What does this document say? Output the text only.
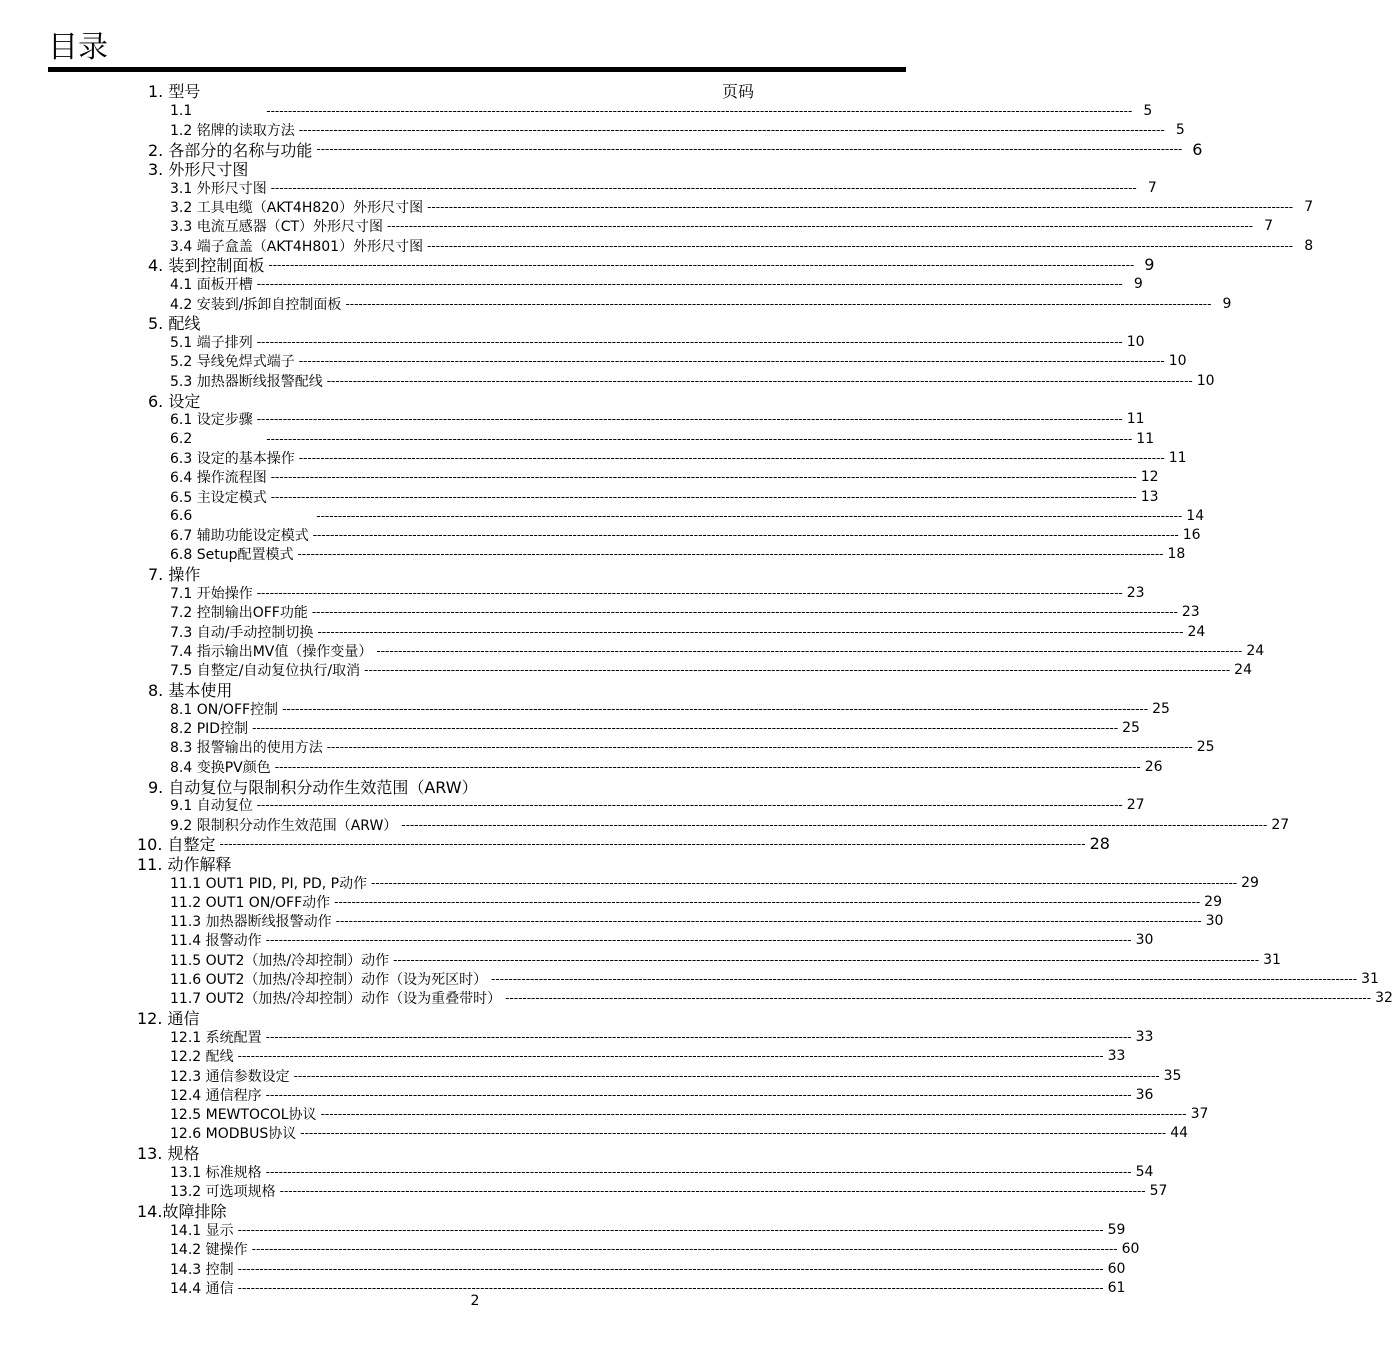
目录
1. 型号	页码
1.1	-------------------------------------------------------------------------------------------------------------------------------------------------------------------------------------------------------- 5
1.2 铭牌的读取方法 -------------------------------------------------------------------------------------------------------------------------------------------------------------------------------------------------------- 5
2. 各部分的名称与功能 -------------------------------------------------------------------------------------------------------------------------------------------------------------------------------------------------------- 6
3. 外形尺寸图
3.1 外形尺寸图 -------------------------------------------------------------------------------------------------------------------------------------------------------------------------------------------------------- 7
3.2 工具电缆（AKT4H820）外形尺寸图 -------------------------------------------------------------------------------------------------------------------------------------------------------------------------------------------------------- 7
3.3 电流互感器（CT）外形尺寸图 -------------------------------------------------------------------------------------------------------------------------------------------------------------------------------------------------------- 7
3.4 端子盒盖（AKT4H801）外形尺寸图 -------------------------------------------------------------------------------------------------------------------------------------------------------------------------------------------------------- 8
4. 装到控制面板 -------------------------------------------------------------------------------------------------------------------------------------------------------------------------------------------------------- 9
4.1 面板开槽 -------------------------------------------------------------------------------------------------------------------------------------------------------------------------------------------------------- 9
4.2 安装到/拆卸自控制面板 -------------------------------------------------------------------------------------------------------------------------------------------------------------------------------------------------------- 9
5. 配线
5.1 端子排列 -------------------------------------------------------------------------------------------------------------------------------------------------------------------------------------------------------- 10
5.2 导线免焊式端子 -------------------------------------------------------------------------------------------------------------------------------------------------------------------------------------------------------- 10
5.3 加热器断线报警配线 -------------------------------------------------------------------------------------------------------------------------------------------------------------------------------------------------------- 10
6. 设定
6.1 设定步骤 -------------------------------------------------------------------------------------------------------------------------------------------------------------------------------------------------------- 11
6.2	-------------------------------------------------------------------------------------------------------------------------------------------------------------------------------------------------------- 11
6.3 设定的基本操作 -------------------------------------------------------------------------------------------------------------------------------------------------------------------------------------------------------- 11
6.4 操作流程图 -------------------------------------------------------------------------------------------------------------------------------------------------------------------------------------------------------- 12
6.5 主设定模式 -------------------------------------------------------------------------------------------------------------------------------------------------------------------------------------------------------- 13
6.6	-------------------------------------------------------------------------------------------------------------------------------------------------------------------------------------------------------- 14
6.7 辅助功能设定模式 -------------------------------------------------------------------------------------------------------------------------------------------------------------------------------------------------------- 16
6.8 Setup配置模式 -------------------------------------------------------------------------------------------------------------------------------------------------------------------------------------------------------- 18
7. 操作
7.1 开始操作 -------------------------------------------------------------------------------------------------------------------------------------------------------------------------------------------------------- 23
7.2 控制输出OFF功能 -------------------------------------------------------------------------------------------------------------------------------------------------------------------------------------------------------- 23
7.3 自动/手动控制切换 -------------------------------------------------------------------------------------------------------------------------------------------------------------------------------------------------------- 24
7.4 指示输出MV值（操作变量） -------------------------------------------------------------------------------------------------------------------------------------------------------------------------------------------------------- 24
7.5 自整定/自动复位执行/取消 -------------------------------------------------------------------------------------------------------------------------------------------------------------------------------------------------------- 24
8. 基本使用
8.1 ON/OFF控制 -------------------------------------------------------------------------------------------------------------------------------------------------------------------------------------------------------- 25
8.2 PID控制 -------------------------------------------------------------------------------------------------------------------------------------------------------------------------------------------------------- 25
8.3 报警输出的使用方法 -------------------------------------------------------------------------------------------------------------------------------------------------------------------------------------------------------- 25
8.4 变换PV颜色 -------------------------------------------------------------------------------------------------------------------------------------------------------------------------------------------------------- 26
9. 自动复位与限制积分动作生效范围（ARW）
9.1 自动复位 -------------------------------------------------------------------------------------------------------------------------------------------------------------------------------------------------------- 27
9.2 限制积分动作生效范围（ARW） -------------------------------------------------------------------------------------------------------------------------------------------------------------------------------------------------------- 27
10. 自整定 -------------------------------------------------------------------------------------------------------------------------------------------------------------------------------------------------------- 28
11. 动作解释
11.1 OUT1 PID, PI, PD, P动作 -------------------------------------------------------------------------------------------------------------------------------------------------------------------------------------------------------- 29
11.2 OUT1 ON/OFF动作 -------------------------------------------------------------------------------------------------------------------------------------------------------------------------------------------------------- 29
11.3 加热器断线报警动作 -------------------------------------------------------------------------------------------------------------------------------------------------------------------------------------------------------- 30
11.4 报警动作 -------------------------------------------------------------------------------------------------------------------------------------------------------------------------------------------------------- 30
11.5 OUT2（加热/冷却控制）动作 -------------------------------------------------------------------------------------------------------------------------------------------------------------------------------------------------------- 31
11.6 OUT2（加热/冷却控制）动作（设为死区时） -------------------------------------------------------------------------------------------------------------------------------------------------------------------------------------------------------- 31
11.7 OUT2（加热/冷却控制）动作（设为重叠带时） -------------------------------------------------------------------------------------------------------------------------------------------------------------------------------------------------------- 32
12. 通信
12.1 系统配置 -------------------------------------------------------------------------------------------------------------------------------------------------------------------------------------------------------- 33
12.2 配线 -------------------------------------------------------------------------------------------------------------------------------------------------------------------------------------------------------- 33
12.3 通信参数设定 -------------------------------------------------------------------------------------------------------------------------------------------------------------------------------------------------------- 35
12.4 通信程序 -------------------------------------------------------------------------------------------------------------------------------------------------------------------------------------------------------- 36
12.5 MEWTOCOL协议 -------------------------------------------------------------------------------------------------------------------------------------------------------------------------------------------------------- 37
12.6 MODBUS协议 -------------------------------------------------------------------------------------------------------------------------------------------------------------------------------------------------------- 44
13. 规格
13.1 标准规格 -------------------------------------------------------------------------------------------------------------------------------------------------------------------------------------------------------- 54
13.2 可选项规格 -------------------------------------------------------------------------------------------------------------------------------------------------------------------------------------------------------- 57
14.故障排除
14.1 显示 -------------------------------------------------------------------------------------------------------------------------------------------------------------------------------------------------------- 59
14.2 键操作 -------------------------------------------------------------------------------------------------------------------------------------------------------------------------------------------------------- 60
14.3 控制 -------------------------------------------------------------------------------------------------------------------------------------------------------------------------------------------------------- 60
14.4 通信 -------------------------------------------------------------------------------------------------------------------------------------------------------------------------------------------------------- 61
2
